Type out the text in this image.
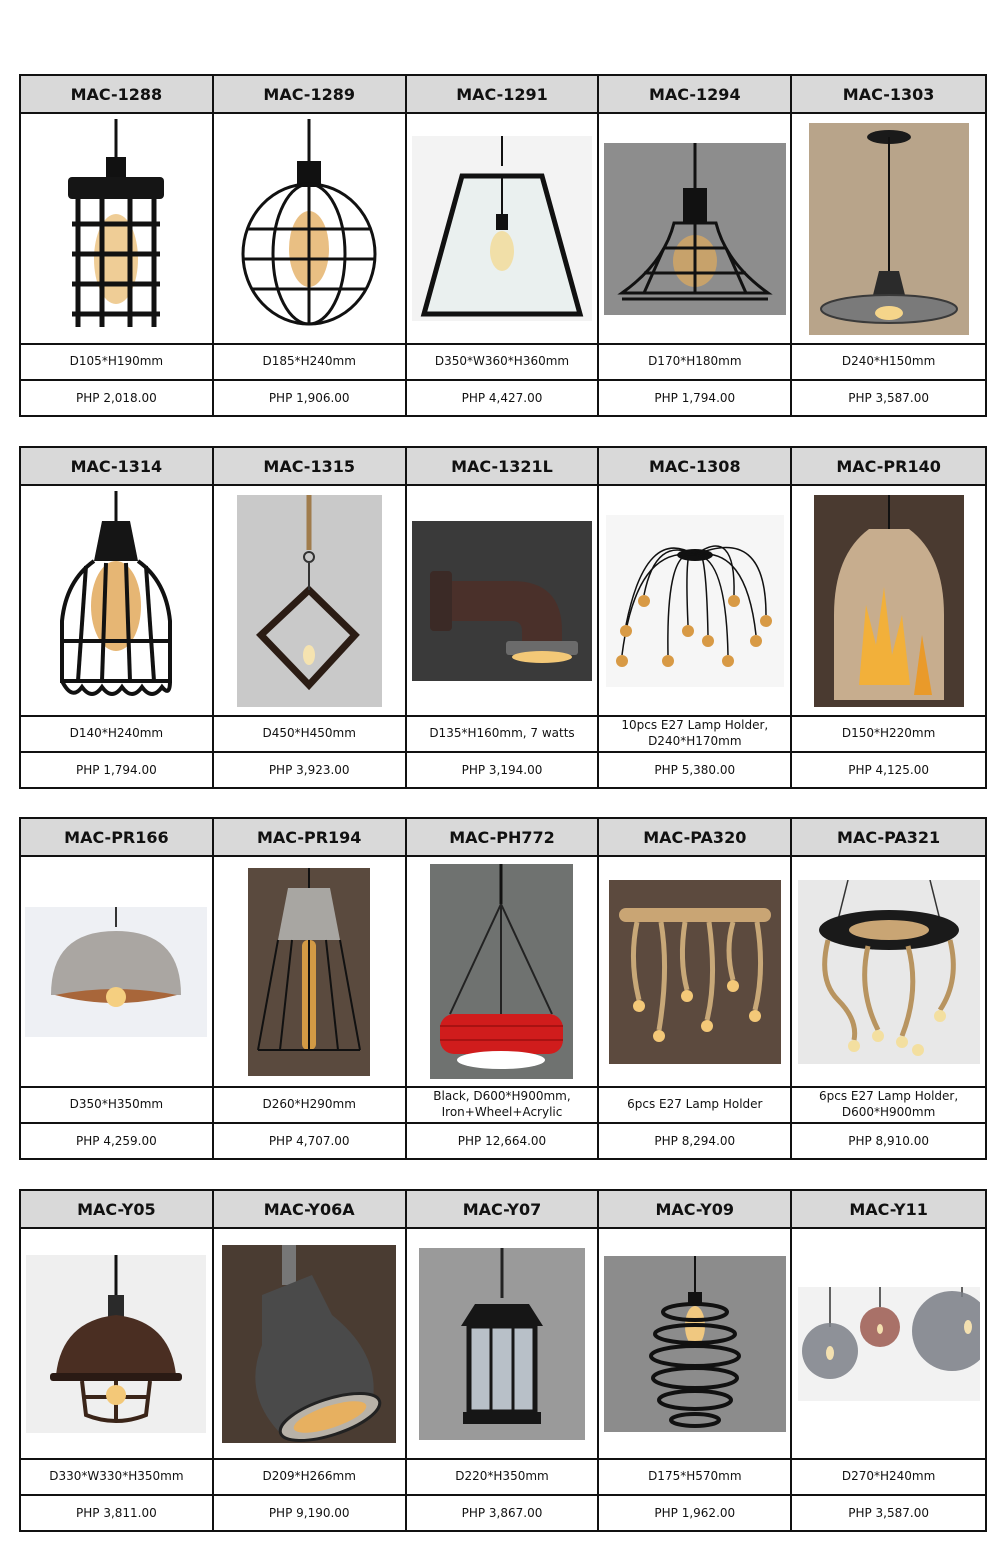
MAC-1288
D105*H190mm
PHP 2,018.00
MAC-1289
D185*H240mm
PHP 1,906.00
MAC-1291
D350*W360*H360mm
PHP 4,427.00
MAC-1294
D170*H180mm
PHP 1,794.00
MAC-1303
D240*H150mm
PHP 3,587.00
MAC-1314
D140*H240mm
PHP 1,794.00
MAC-1315
D450*H450mm
PHP 3,923.00
MAC-1321L
D135*H160mm, 7 watts
PHP 3,194.00
MAC-1308
10pcs E27 Lamp Holder,
D240*H170mm
PHP 5,380.00
MAC-PR140
D150*H220mm
PHP 4,125.00
MAC-PR166
D350*H350mm
PHP 4,259.00
MAC-PR194
D260*H290mm
PHP 4,707.00
MAC-PH772
Black, D600*H900mm,
Iron+Wheel+Acrylic
PHP 12,664.00
MAC-PA320
6pcs E27 Lamp Holder
PHP 8,294.00
MAC-PA321
6pcs E27 Lamp Holder,
D600*H900mm
PHP 8,910.00
MAC-Y05
D330*W330*H350mm
PHP 3,811.00
MAC-Y06A
D209*H266mm
PHP 9,190.00
MAC-Y07
D220*H350mm
PHP 3,867.00
MAC-Y09
D175*H570mm
PHP 1,962.00
MAC-Y11
D270*H240mm
PHP 3,587.00
